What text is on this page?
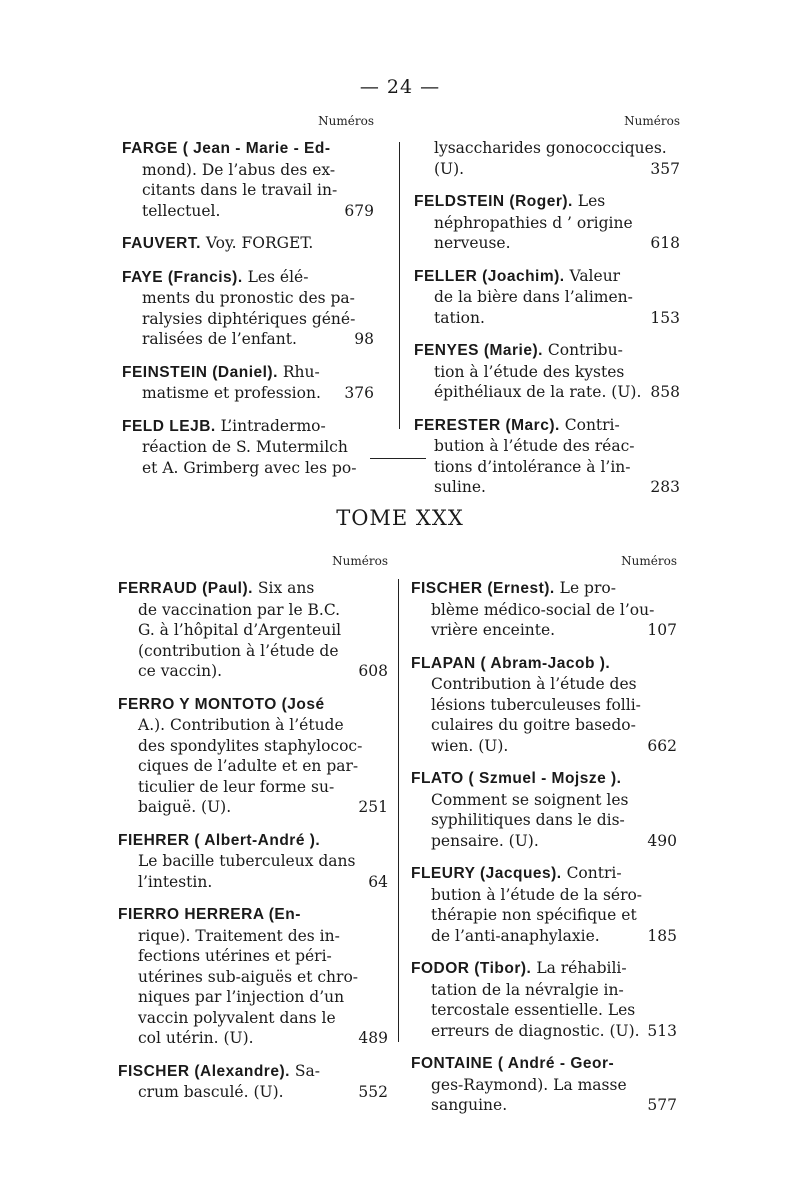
— 24 —
Numéros
FARGE ( Jean - Marie - Ed-
mond). De l’abus des ex-
citants dans le travail in-
tellectuel.	679
FAUVERT. Voy. FORGET.
FAYE (Francis). Les élé-
ments du pronostic des pa-
ralysies diphtériques géné-
ralisées de l’enfant.	98
FEINSTEIN (Daniel). Rhu-
matisme et profession. 376
FELD LEJB. L’intradermo-
réaction de S. Mutermilch
et A. Grimberg avec les po-
Numéros
lysaccharides gonococciques.
(U).	357
FELDSTEIN (Roger). Les
néphropathies d ’ origine
nerveuse.	618
FELLER (Joachim). Valeur
de la bière dans l’alimen-
tation.	153
FENYES (Marie). Contribu-
tion à l’étude des kystes
épithéliaux de la rate. (U). 858
FERESTER (Marc). Contri-
bution à l’étude des réac-
tions d’intolérance à l’in-
suline.	283
TOME XXX
Numéros
FERRAUD (Paul). Six ans
de vaccination par le B.C.
G. à l’hôpital d’Argenteuil
(contribution à l’étude de
ce vaccin).	608
FERRO Y MONTOTO (José
A.). Contribution à l’étude
des spondylites staphylococ-
ciques de l’adulte et en par-
ticulier de leur forme su-
baiguë. (U).	251
FIEHRER ( Albert-André ).
Le bacille tuberculeux dans
l’intestin.	64
FIERRO HERRERA (En-
rique). Traitement des in-
fections utérines et péri-
utérines sub-aiguës et chro-
niques par l’injection d’un
vaccin polyvalent dans le
col utérin. (U).	489
FISCHER (Alexandre). Sa-
crum basculé. (U).	552
Numéros
FISCHER (Ernest). Le pro-
blème médico-social de l’ou-
vrière enceinte.	107
FLAPAN ( Abram-Jacob ).
Contribution à l’étude des
lésions tuberculeuses folli-
culaires du goitre basedo-
wien. (U).	662
FLATO ( Szmuel - Mojsze ).
Comment se soignent les
syphilitiques dans le dis-
pensaire. (U).	490
FLEURY (Jacques). Contri-
bution à l’étude de la séro-
thérapie non spécifique et
de l’anti-anaphylaxie.	185
FODOR (Tibor). La réhabili-
tation de la névralgie in-
tercostale essentielle. Les
erreurs de diagnostic. (U). 513
FONTAINE ( André - Geor-
ges-Raymond). La masse
sanguine.	577
